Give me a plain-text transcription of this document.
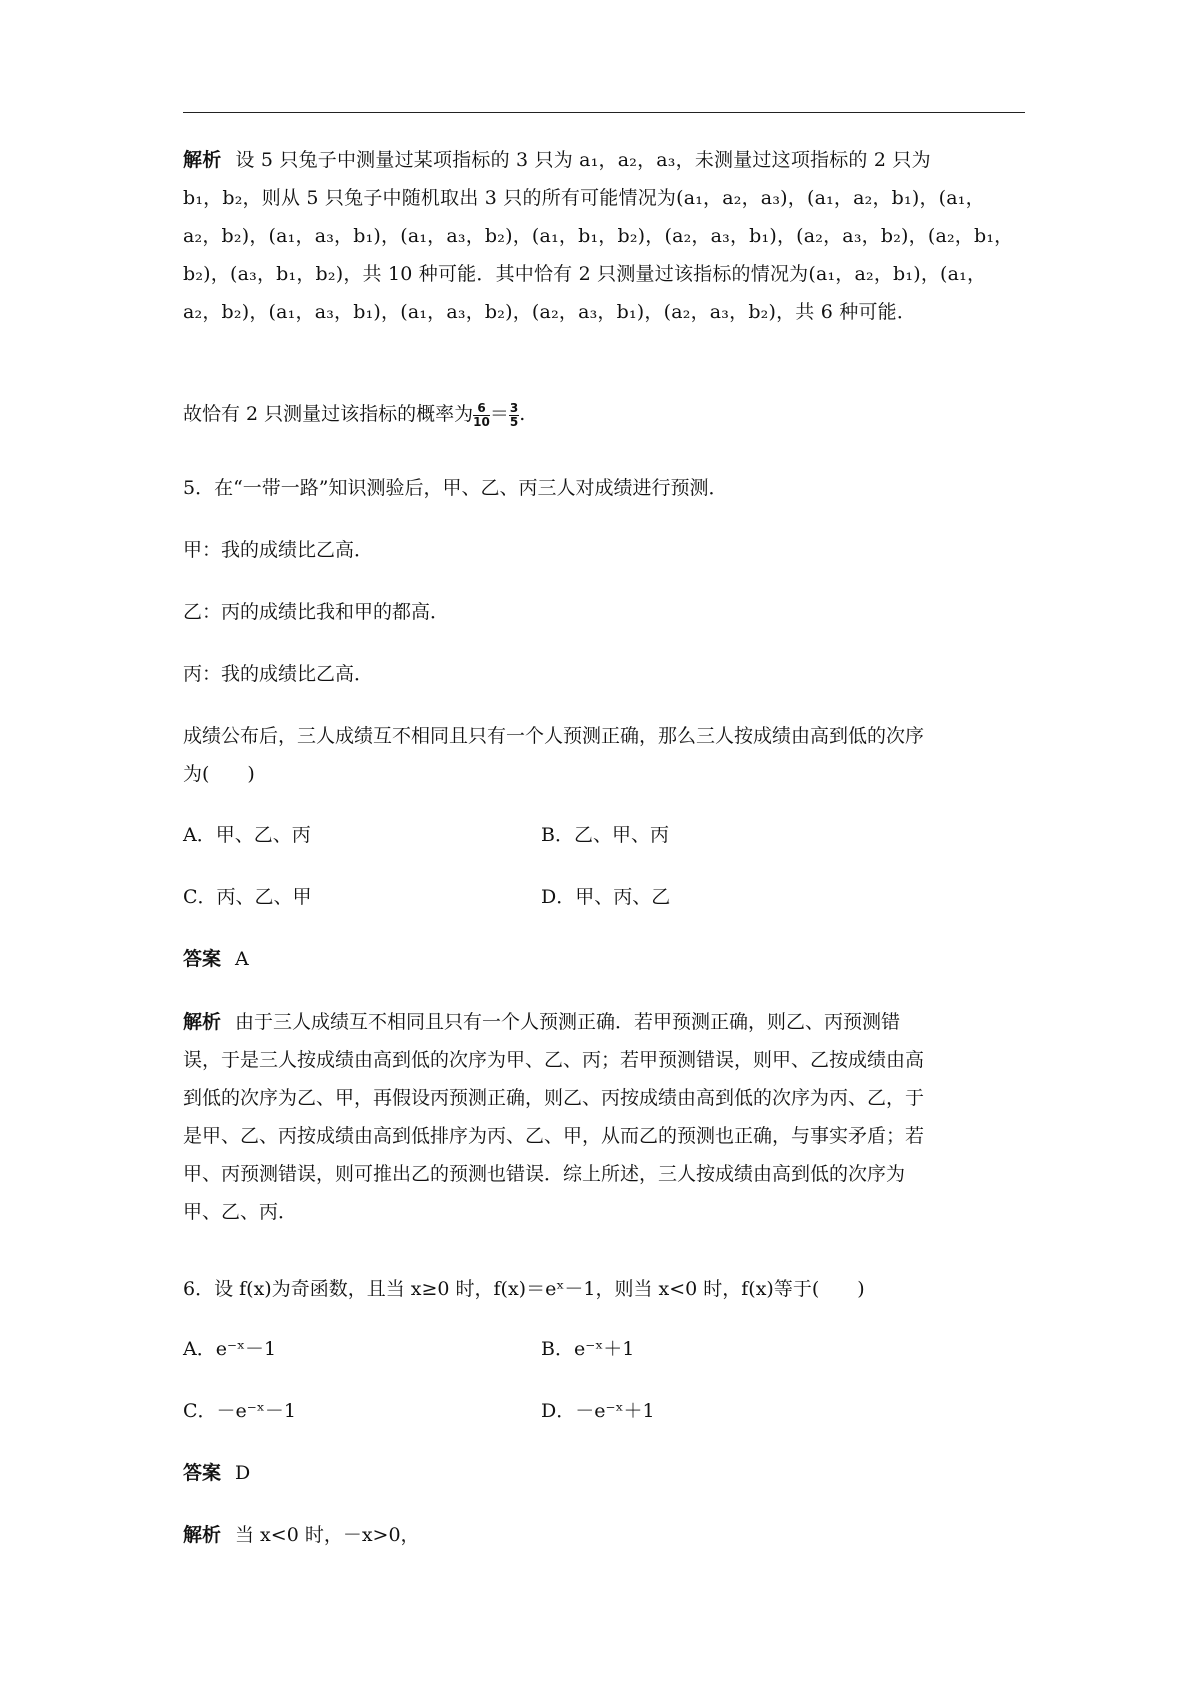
解析 设 5 只兔子中测量过某项指标的 3 只为 a₁，a₂，a₃，未测量过这项指标的 2 只为
b₁，b₂，则从 5 只兔子中随机取出 3 只的所有可能情况为(a₁，a₂，a₃)，(a₁，a₂，b₁)，(a₁，
a₂，b₂)，(a₁，a₃，b₁)，(a₁，a₃，b₂)，(a₁，b₁，b₂)，(a₂，a₃，b₁)，(a₂，a₃，b₂)，(a₂，b₁，
b₂)，(a₃，b₁，b₂)，共 10 种可能．其中恰有 2 只测量过该指标的情况为(a₁，a₂，b₁)，(a₁，
a₂，b₂)，(a₁，a₃，b₁)，(a₁，a₃，b₂)，(a₂，a₃，b₁)，(a₂，a₃，b₂)，共 6 种可能．
故恰有 2 只测量过该指标的概率为 $\frac{6}{10} = \frac{3}{5}$ .
5．在“一带一路”知识测验后，甲、乙、丙三人对成绩进行预测．
甲：我的成绩比乙高．
乙：丙的成绩比我和甲的都高．
丙：我的成绩比乙高．
成绩公布后，三人成绩互不相同且只有一个人预测正确，那么三人按成绩由高到低的次序
为(　　)
A．甲、乙、丙	B．乙、甲、丙
C．丙、乙、甲	D．甲、丙、乙
答案 A
解析 由于三人成绩互不相同且只有一个人预测正确．若甲预测正确，则乙、丙预测错
误，于是三人按成绩由高到低的次序为甲、乙、丙；若甲预测错误，则甲、乙按成绩由高
到低的次序为乙、甲，再假设丙预测正确，则乙、丙按成绩由高到低的次序为丙、乙，于
是甲、乙、丙按成绩由高到低排序为丙、乙、甲，从而乙的预测也正确，与事实矛盾；若
甲、丙预测错误，则可推出乙的预测也错误．综上所述，三人按成绩由高到低的次序为
甲、乙、丙．
6．设 f(x)为奇函数，且当 x≥0 时，f(x)＝eˣ－1，则当 x<0 时，f(x)等于(　　)
A．e⁻ˣ－1	B．e⁻ˣ＋1
C．－e⁻ˣ－1	D．－e⁻ˣ＋1
答案 D
解析 当 x<0 时，－x>0，
